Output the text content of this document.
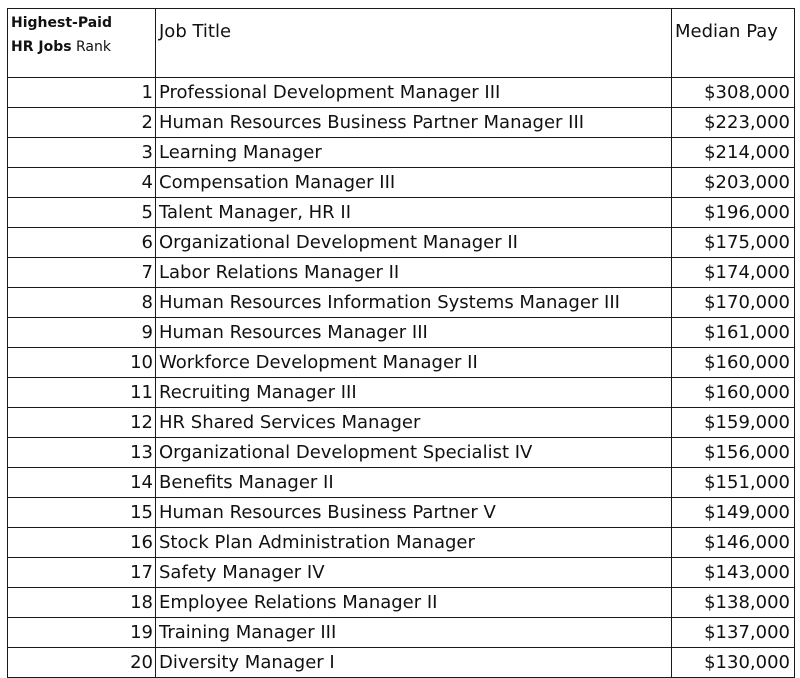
Highest-Paid
HR Jobs Rank	Job Title	Median Pay
1	Professional Development Manager III	$308,000
2	Human Resources Business Partner Manager III	$223,000
3	Learning Manager	$214,000
4	Compensation Manager III	$203,000
5	Talent Manager, HR II	$196,000
6	Organizational Development Manager II	$175,000
7	Labor Relations Manager II	$174,000
8	Human Resources Information Systems Manager III	$170,000
9	Human Resources Manager III	$161,000
10	Workforce Development Manager II	$160,000
11	Recruiting Manager III	$160,000
12	HR Shared Services Manager	$159,000
13	Organizational Development Specialist IV	$156,000
14	Benefits Manager II	$151,000
15	Human Resources Business Partner V	$149,000
16	Stock Plan Administration Manager	$146,000
17	Safety Manager IV	$143,000
18	Employee Relations Manager II	$138,000
19	Training Manager III	$137,000
20	Diversity Manager I	$130,000
